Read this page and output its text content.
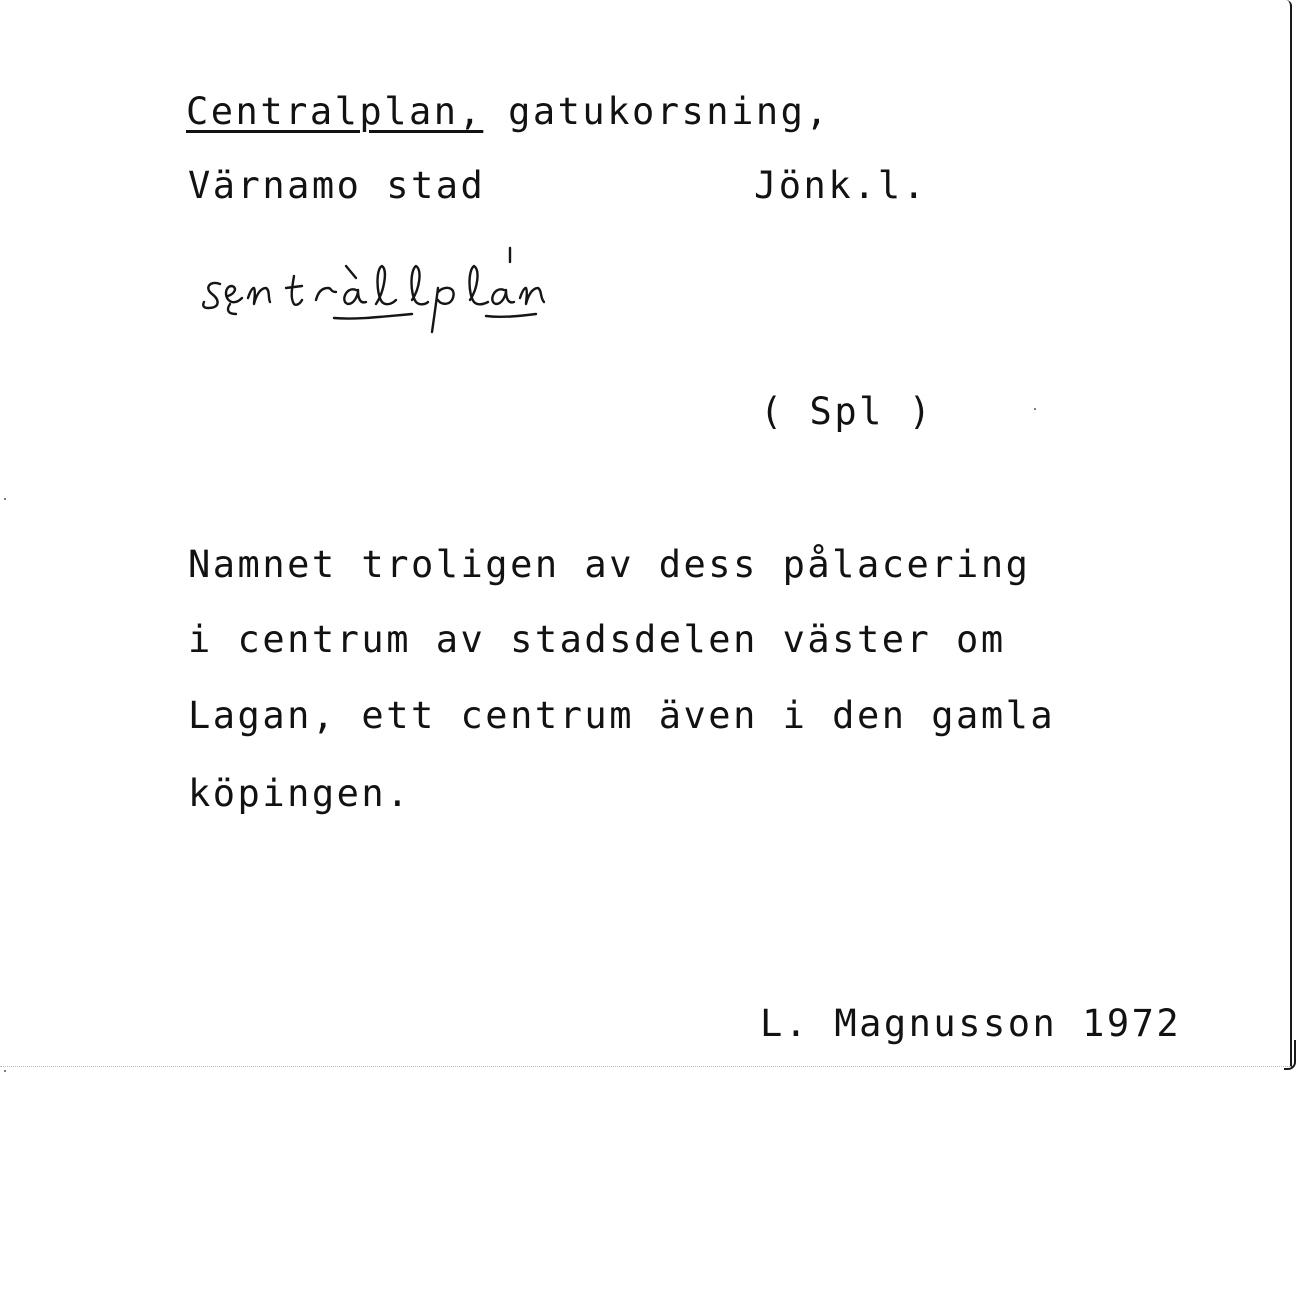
Centralplan, gatukorsning,
Värnamo stad	Jönk.l.
( Spl )
Namnet troligen av dess pålacering
i centrum av stadsdelen väster om
Lagan, ett centrum även i den gamla
köpingen.
L. Magnusson 1972
